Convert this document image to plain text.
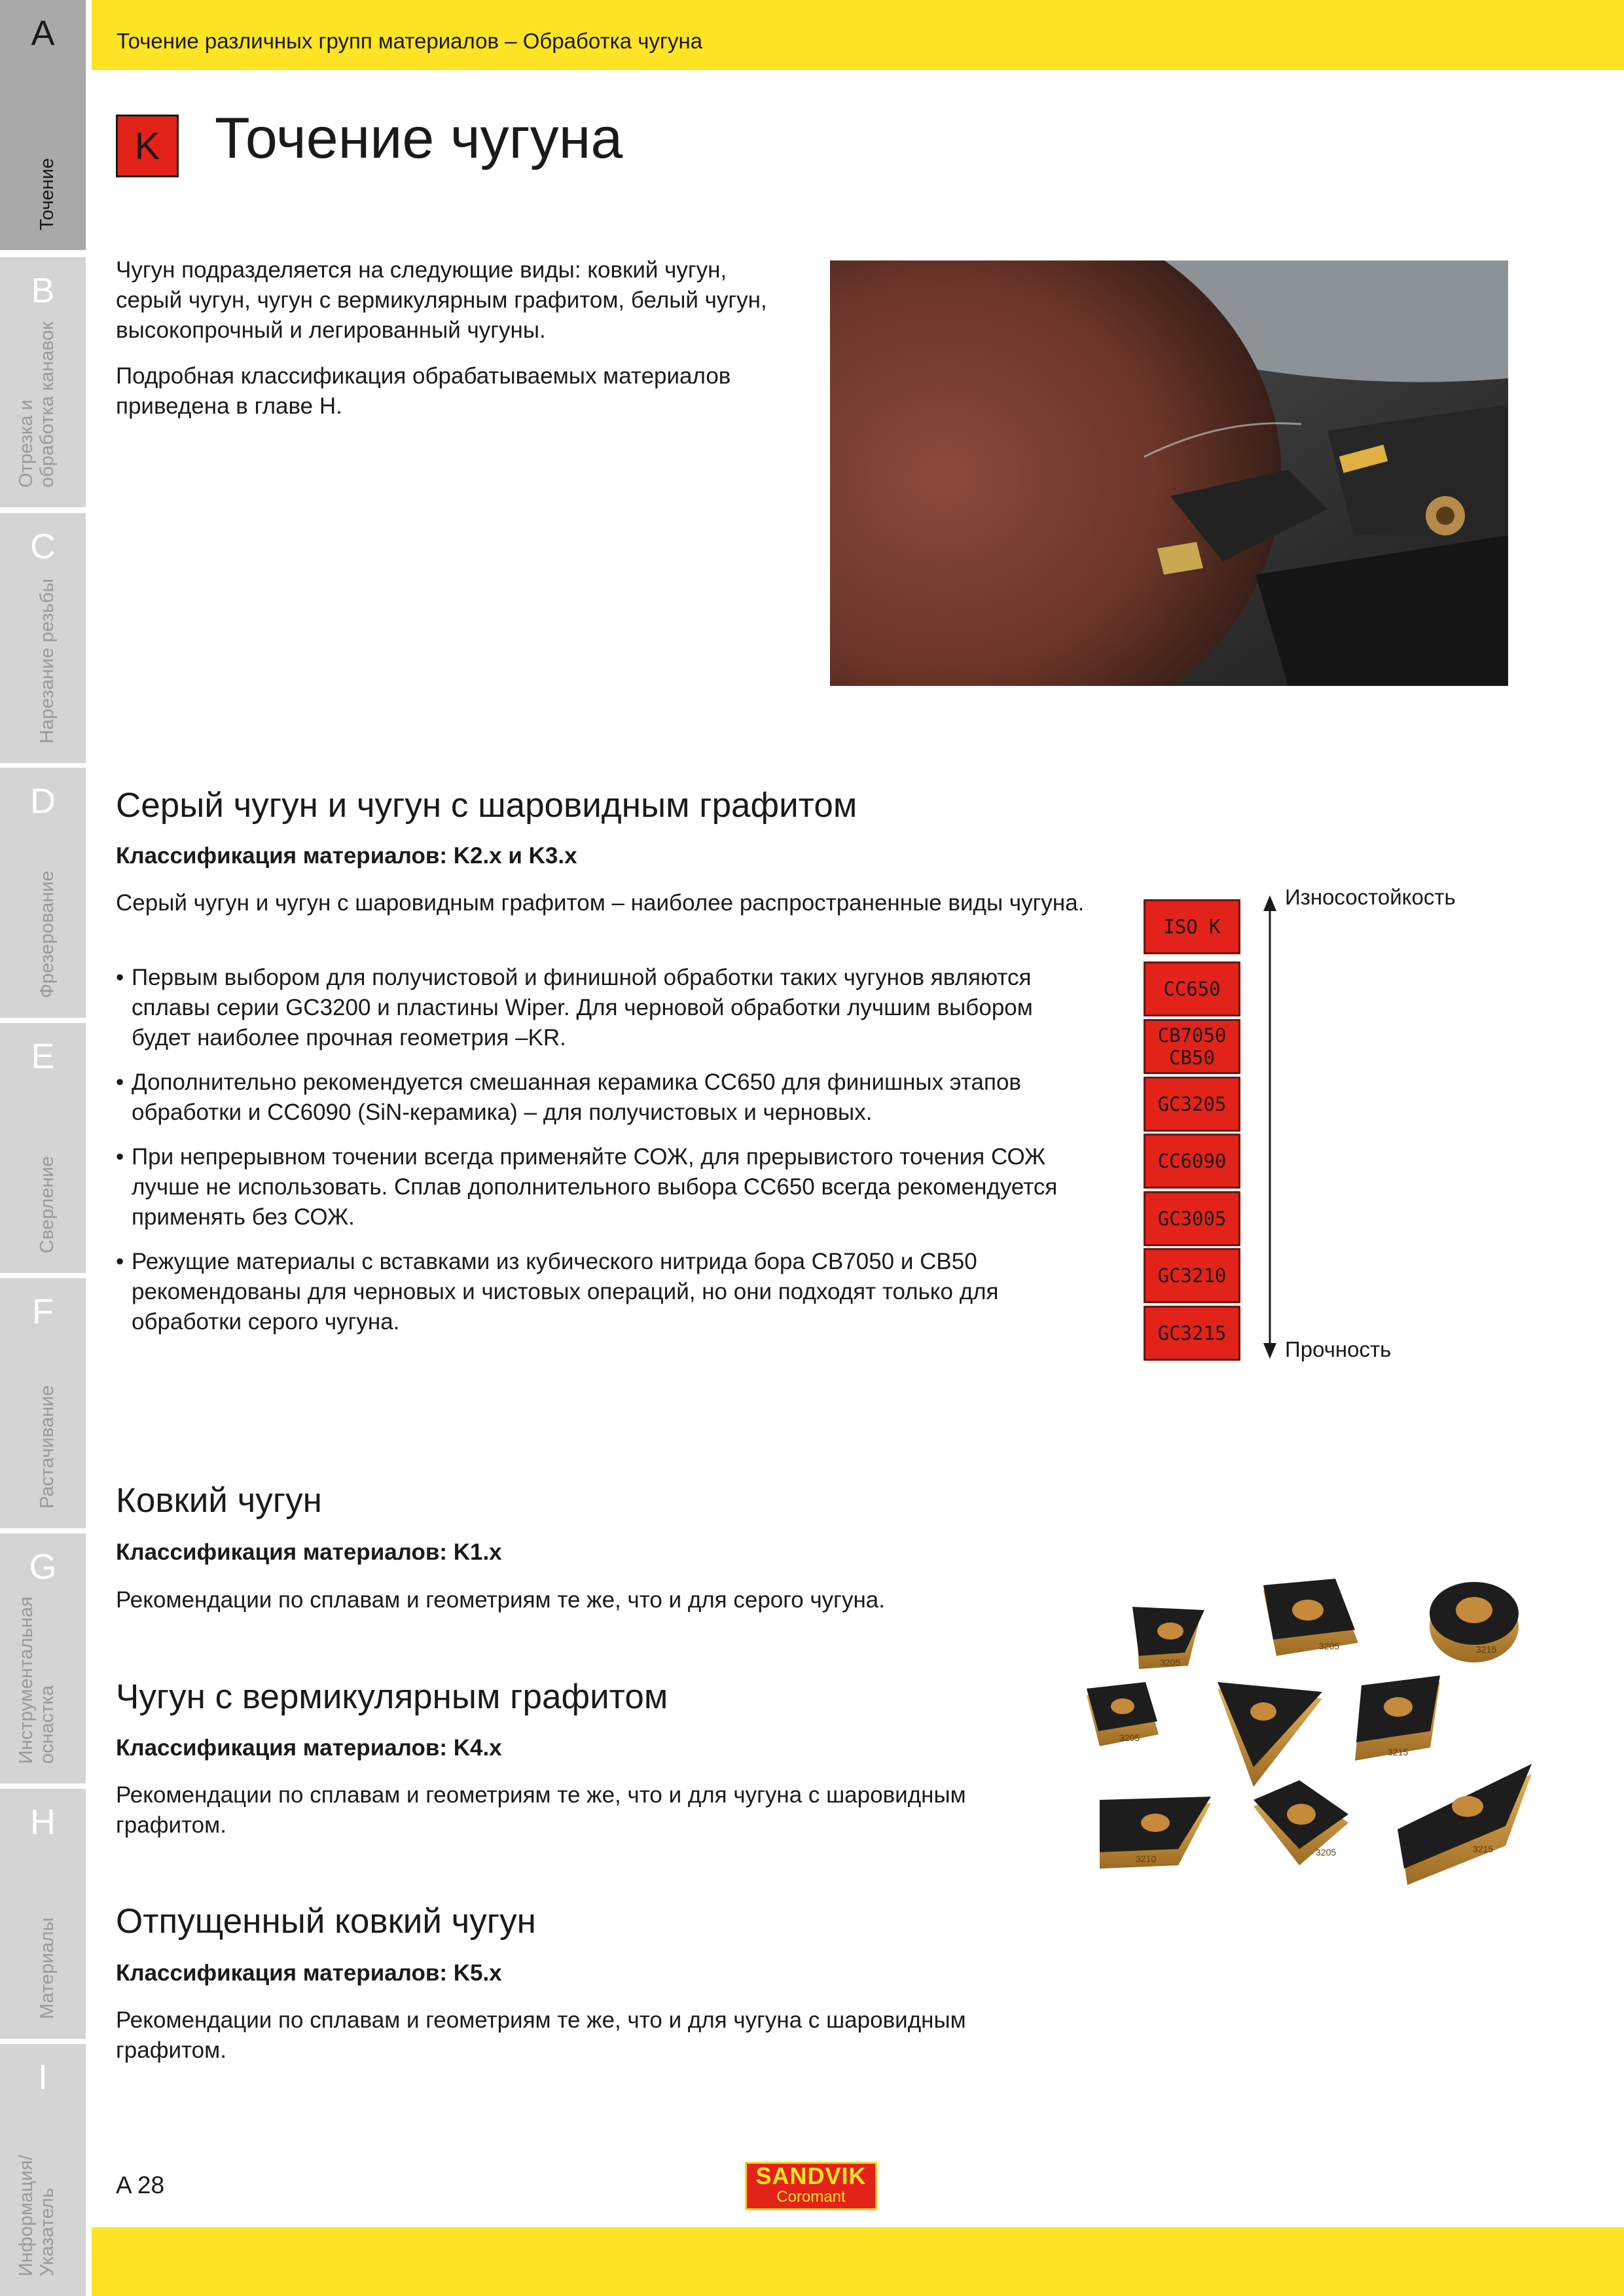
A
Точение
B
Отрезка и
обработка канавок
C
Нарезание резьбы
D
Фрезерование
E
Сверление
F
Растачивание
G
Инструментальная
оснастка
H
Материалы
I
Информация/
Указатель
Точение различных групп материалов – Обработка чугуна
K Точение чугуна

Чугун подразделяется на следующие виды: ковкий чугун, серый чугун, чугун с вермикулярным графитом, белый чугун, высокопрочный и легированный чугуны.

Подробная классификация обрабатываемых материалов приведена в главе H.

Серый чугун и чугун с шаровидным графитом
Классификация материалов: K2.x и K3.x

Серый чугун и чугун с шаровидным графитом – наиболее распространенные виды чугуна.

• Первым выбором для получистовой и финишной обработки таких чугунов являются сплавы серии GC3200 и пластины Wiper. Для черновой обработки лучшим выбором будет наиболее прочная геометрия –KR.
• Дополнительно рекомендуется смешанная керамика CC650 для финишных этапов обработки и CC6090 (SiN-керамика) – для получистовых и черновых.
• При непрерывном точении всегда применяйте СОЖ, для прерывистого точения СОЖ лучше не использовать. Сплав дополнительного выбора CC650 всегда рекомендуется применять без СОЖ.
• Режущие материалы с вставками из кубического нитрида бора CB7050 и CB50 рекомендованы для черновых и чистовых операций, но они подходят только для обработки серого чугуна.
ISO K
CC650
CB7050
CB50
GC3205
CC6090
GC3005
GC3210
GC3215
Износостойкость
Прочность
Ковкий чугун
Классификация материалов: K1.x

Рекомендации по сплавам и геометриям те же, что и для серого чугуна.

Чугун с вермикулярным графитом
Классификация материалов: K4.x

Рекомендации по сплавам и геометриям те же, что и для чугуна с шаровидным графитом.

Отпущенный ковкий чугун
Классификация материалов: K5.x

Рекомендации по сплавам и геометриям те же, что и для чугуна с шаровидным графитом.

3205
3205	3215
3205
3215
3210
3205	3215
A 28	SANDVIK
Coromant
